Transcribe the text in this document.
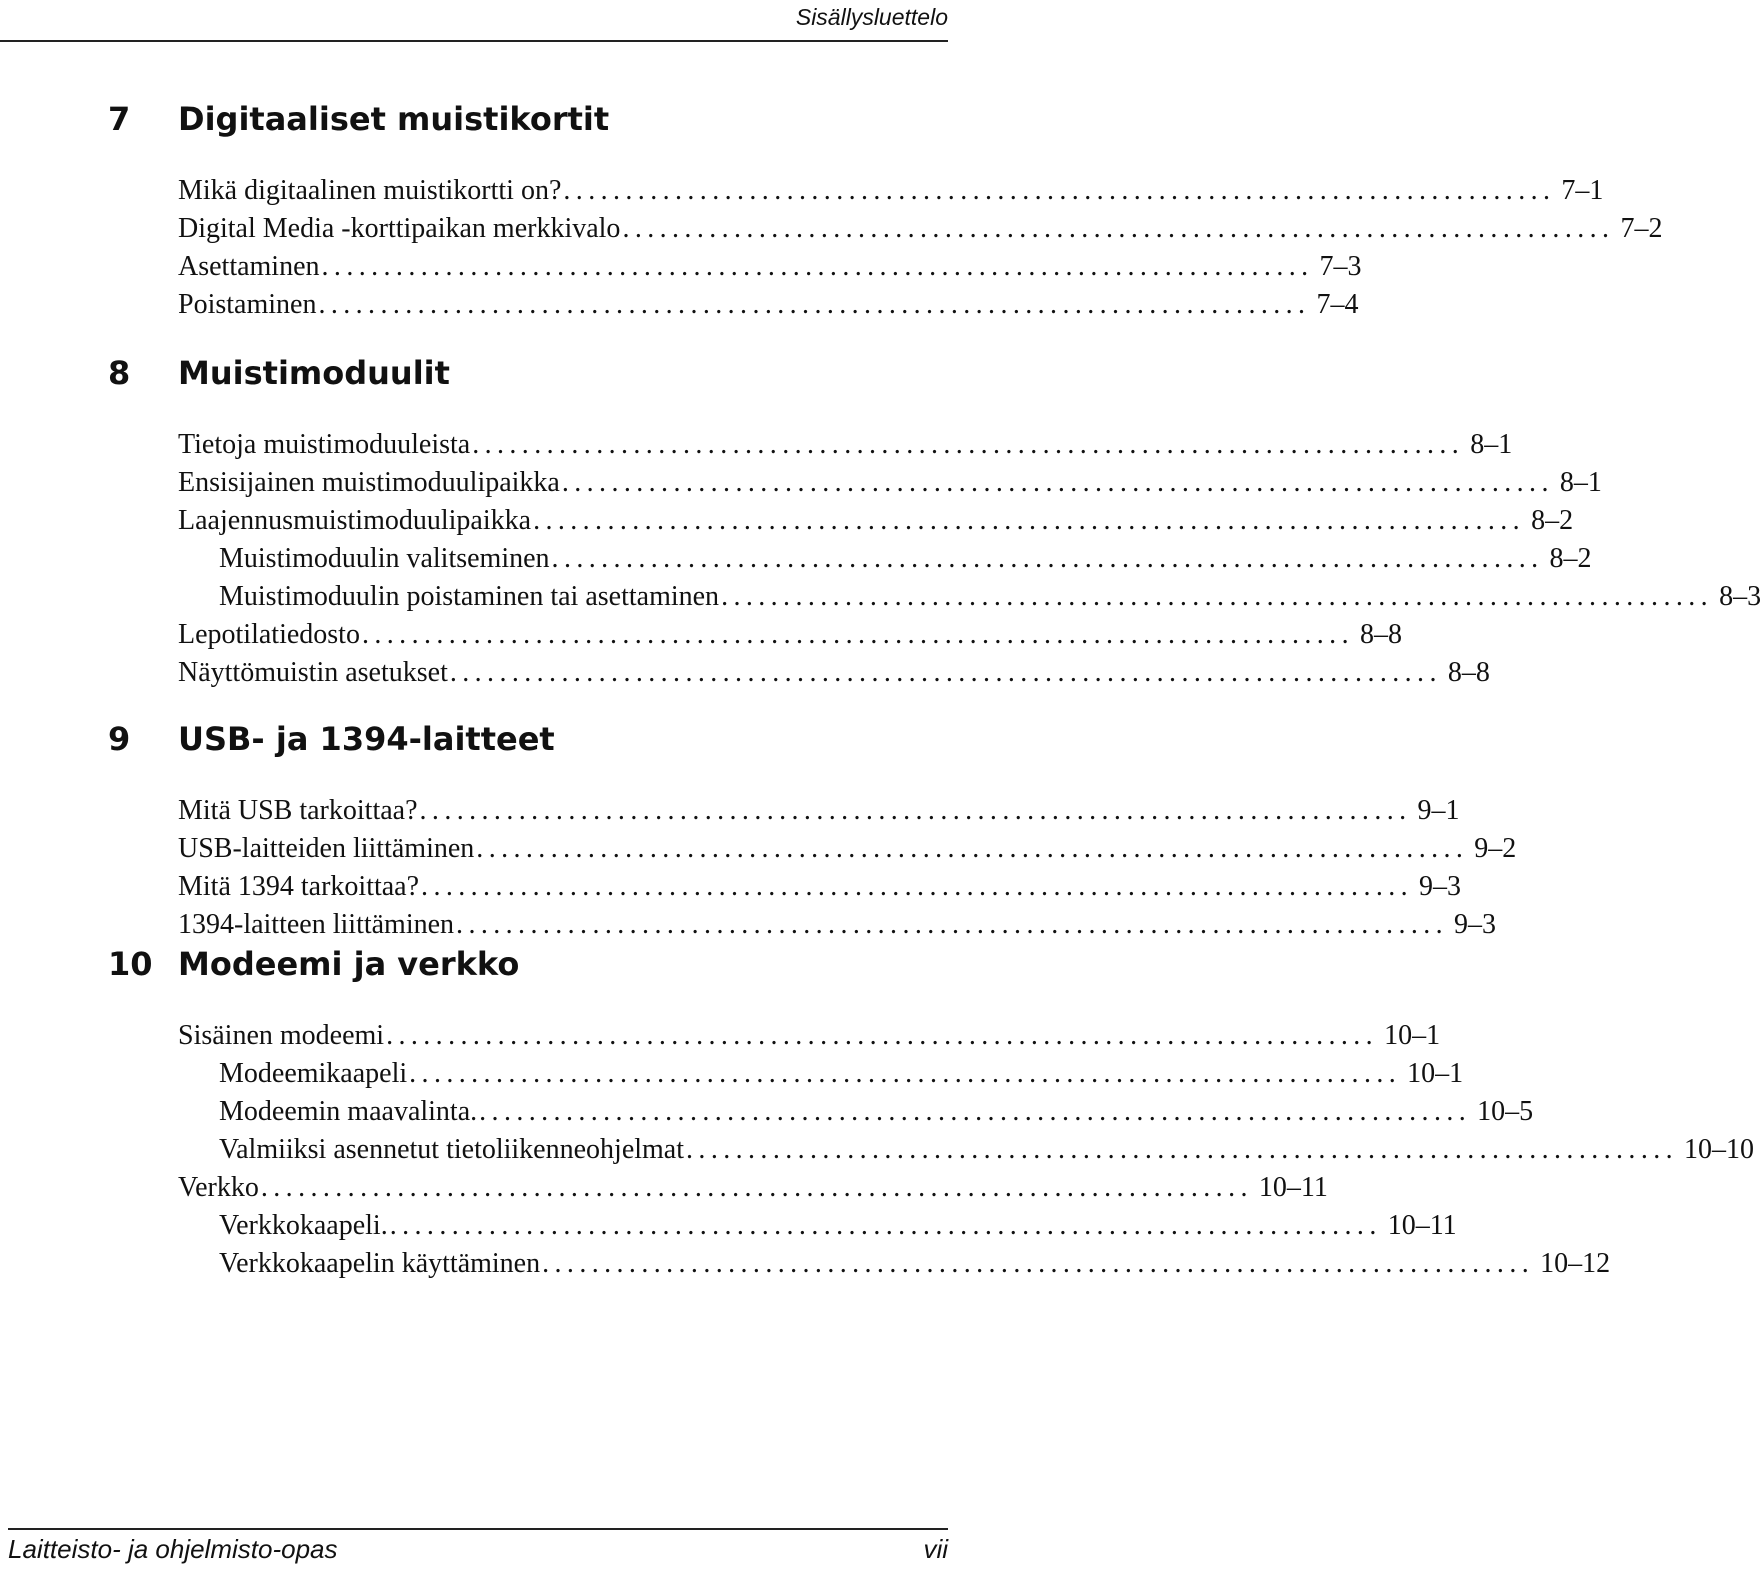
Sisällysluettelo
7	Digitaaliset muistikortit
Mikä digitaalinen muistikortti on? ................................................................................ 7–1
Digital Media -korttipaikan merkkivalo ................................................................................ 7–2
Asettaminen ................................................................................ 7–3
Poistaminen ................................................................................ 7–4
8	Muistimoduulit
Tietoja muistimoduuleista ................................................................................ 8–1
Ensisijainen muistimoduulipaikka ................................................................................ 8–1
Laajennusmuistimoduulipaikka ................................................................................ 8–2
Muistimoduulin valitseminen ................................................................................ 8–2
Muistimoduulin poistaminen tai asettaminen ................................................................................ 8–3
Lepotilatiedosto ................................................................................ 8–8
Näyttömuistin asetukset ................................................................................ 8–8
9	USB- ja 1394-laitteet
Mitä USB tarkoittaa? ................................................................................ 9–1
USB-laitteiden liittäminen ................................................................................ 9–2
Mitä 1394 tarkoittaa? ................................................................................ 9–3
1394-laitteen liittäminen ................................................................................ 9–3
10 Modeemi ja verkko
Sisäinen modeemi ................................................................................ 10–1
Modeemikaapeli ................................................................................ 10–1
Modeemin maavalinta. ................................................................................ 10–5
Valmiiksi asennetut tietoliikenneohjelmat ................................................................................ 10–10
Verkko ................................................................................ 10–11
Verkkokaapeli. ................................................................................ 10–11
Verkkokaapelin käyttäminen ................................................................................ 10–12
Laitteisto- ja ohjelmisto-opas	vii
